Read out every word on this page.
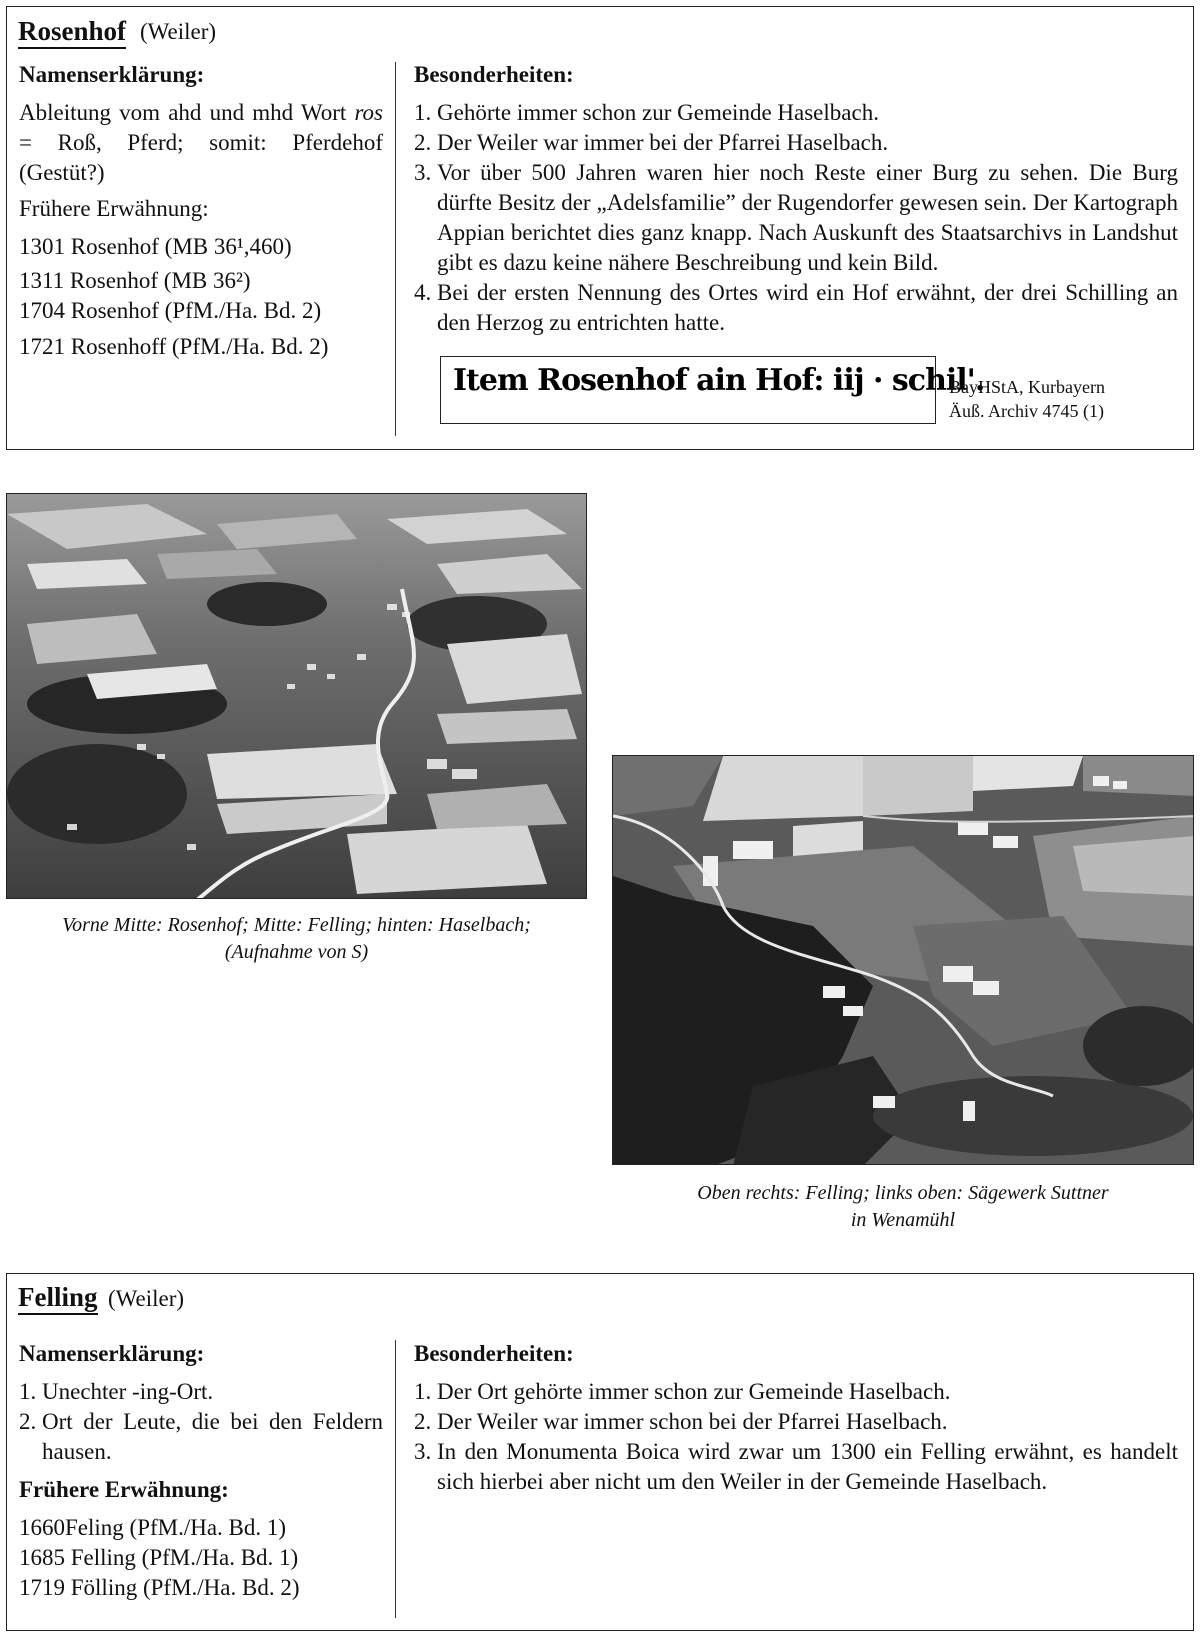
Rosenhof (Weiler)

Namenserklärung:

Ableitung vom ahd und mhd Wort ros = Roß, Pferd; somit: Pferdehof (Gestüt?)

Frühere Erwähnung:

1301 Rosenhof (MB 36¹,460)

1311 Rosenhof (MB 36²)

1704 Rosenhof (PfM./Ha. Bd. 2)

1721 Rosenhoff (PfM./Ha. Bd. 2)

Besonderheiten:

1. Gehörte immer schon zur Gemeinde Haselbach.
2. Der Weiler war immer bei der Pfarrei Haselbach.
3. Vor über 500 Jahren waren hier noch Reste einer Burg zu sehen. Die Burg dürfte Besitz der „Adelsfamilie” der Rugendorfer gewesen sein. Der Kartograph Appian berichtet dies ganz knapp. Nach Auskunft des Staatsarchivs in Landshut gibt es dazu keine nähere Beschreibung und kein Bild.
4. Bei der ersten Nennung des Ortes wird ein Hof erwähnt, der drei Schilling an den Herzog zu entrichten hatte.
Item Rosenhof ain Hof: iij · schil'.
BayHStA, Kurbayern
Äuß. Archiv 4745 (1)
Vorne Mitte: Rosenhof; Mitte: Felling; hinten: Haselbach;
(Aufnahme von S)
Oben rechts: Felling; links oben: Sägewerk Suttner
in Wenamühl
Felling (Weiler)

Namenserklärung:

1. Unechter -ing-Ort.
2. Ort der Leute, die bei den Feldern hausen.

Frühere Erwähnung:

1660Feling (PfM./Ha. Bd. 1)

1685 Felling (PfM./Ha. Bd. 1)

1719 Fölling (PfM./Ha. Bd. 2)

Besonderheiten:

1. Der Ort gehörte immer schon zur Gemeinde Haselbach.
2. Der Weiler war immer schon bei der Pfarrei Haselbach.
3. In den Monumenta Boica wird zwar um 1300 ein Felling erwähnt, es handelt sich hierbei aber nicht um den Weiler in der Gemeinde Haselbach.
